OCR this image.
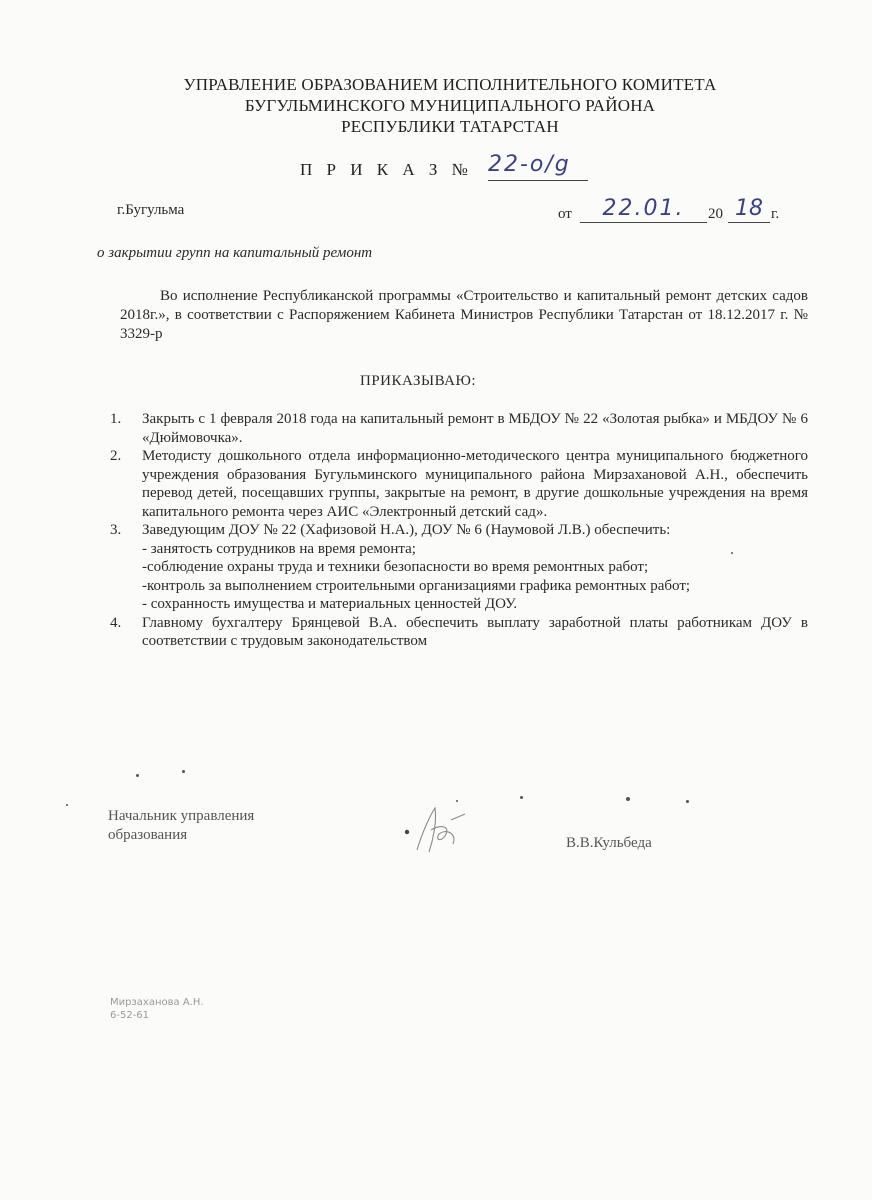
УПРАВЛЕНИЕ ОБРАЗОВАНИЕМ ИСПОЛНИТЕЛЬНОГО КОМИТЕТА
БУГУЛЬМИНСКОГО МУНИЦИПАЛЬНОГО РАЙОНА
РЕСПУБЛИКИ ТАТАРСТАН
П Р И К А З № 22-о/g
г.Бугульма	от	22.01.	20 18 г.
о закрытии групп на капитальный ремонт
Во исполнение Республиканской программы «Строительство и капитальный ремонт детских садов 2018г.», в соответствии с Распоряжением Кабинета Министров Республики Татарстан от 18.12.2017 г. № 3329-р
ПРИКАЗЫВАЮ:
1. Закрыть с 1 февраля 2018 года на капитальный ремонт в МБДОУ № 22 «Золотая рыбка» и МБДОУ № 6 «Дюймовочка».
2. Методисту дошкольного отдела информационно-методического центра муниципального бюджетного учреждения образования Бугульминского муниципального района Мирзахановой А.Н., обеспечить перевод детей, посещавших группы, закрытые на ремонт, в другие дошкольные учреждения на время капитального ремонта через АИС «Электронный детский сад».
3. Заведующим ДОУ № 22 (Хафизовой Н.А.), ДОУ № 6 (Наумовой Л.В.) обеспечить:
- занятость сотрудников на время ремонта;
-соблюдение охраны труда и техники безопасности во время ремонтных работ;
-контроль за выполнением строительными организациями графика ремонтных работ;
- сохранность имущества и материальных ценностей ДОУ.
4. Главному бухгалтеру Брянцевой В.А. обеспечить выплату заработной платы работникам ДОУ в соответствии с трудовым законодательством
Начальник управления
образования	В.В.Кульбеда
Мирзаханова А.Н.
6-52-61
